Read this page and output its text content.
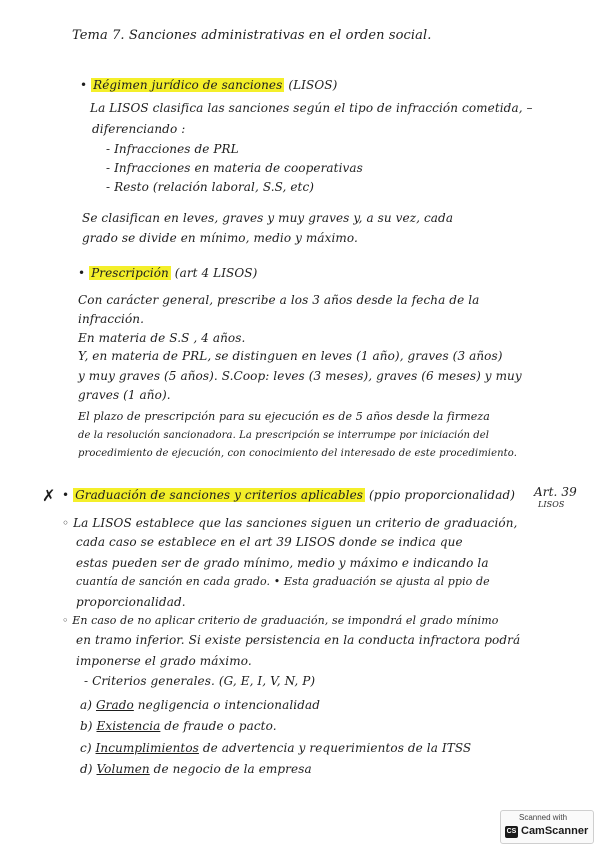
Tema 7. Sanciones administrativas en el orden social.
• Régimen jurídico de sanciones (LISOS)
La LISOS clasifica las sanciones según el tipo de infracción cometida, –
diferenciando :
- Infracciones de PRL
- Infracciones en materia de cooperativas
- Resto (relación laboral, S.S, etc)
Se clasifican en leves, graves y muy graves y, a su vez, cada
grado se divide en mínimo, medio y máximo.
• Prescripción (art 4 LISOS)
Con carácter general, prescribe a los 3 años desde la fecha de la
infracción.
En materia de S.S , 4 años.
Y, en materia de PRL, se distinguen en leves (1 año), graves (3 años)
y muy graves (5 años). S.Coop: leves (3 meses), graves (6 meses) y muy
graves (1 año).
El plazo de prescripción para su ejecución es de 5 años desde la firmeza
de la resolución sancionadora. La prescripción se interrumpe por iniciación del
procedimiento de ejecución, con conocimiento del interesado de este procedimiento.
✗ • Graduación de sanciones y criterios aplicables (ppio proporcionalidad) Art. 39
LISOS
◦ La LISOS establece que las sanciones siguen un criterio de graduación,
cada caso se establece en el art 39 LISOS donde se indica que
estas pueden ser de grado mínimo, medio y máximo e indicando la
cuantía de sanción en cada grado. • Esta graduación se ajusta al ppio de
proporcionalidad.
◦ En caso de no aplicar criterio de graduación, se impondrá el grado mínimo
en tramo inferior. Si existe persistencia en la conducta infractora podrá
imponerse el grado máximo.
- Criterios generales. (G, E, I, V, N, P)
a) Grado negligencia o intencionalidad
b) Existencia de fraude o pacto.
c) Incumplimientos de advertencia y requerimientos de la ITSS
d) Volumen de negocio de la empresa
Scanned with
CS CamScanner
